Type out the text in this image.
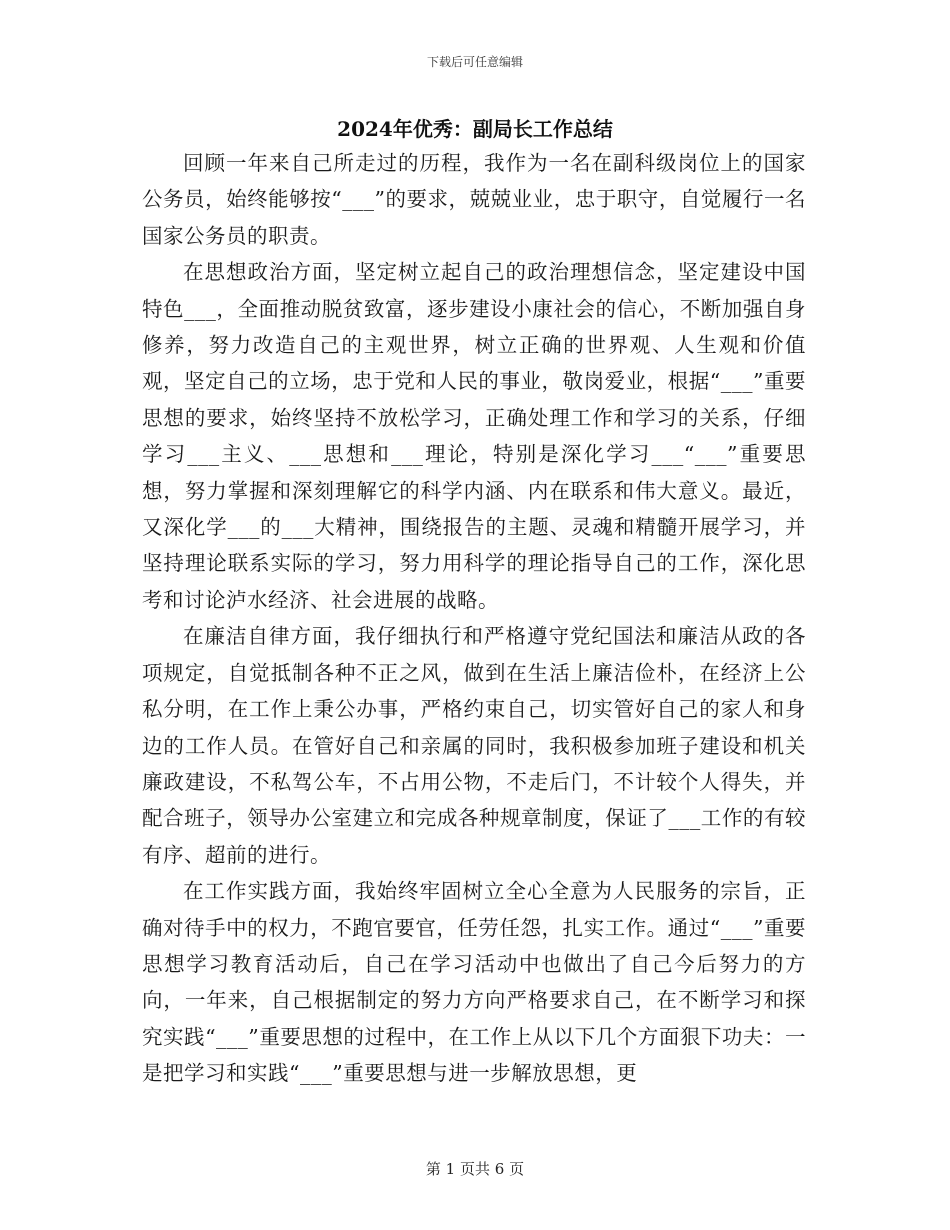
下载后可任意编辑
2024年优秀：副局长工作总结

回顾一年来自己所走过的历程，我作为一名在副科级岗位上的国家公务员，始终能够按“___”的要求，兢兢业业，忠于职守，自觉履行一名国家公务员的职责。

在思想政治方面，坚定树立起自己的政治理想信念，坚定建设中国特色___，全面推动脱贫致富，逐步建设小康社会的信心，不断加强自身修养，努力改造自己的主观世界，树立正确的世界观、人生观和价值观，坚定自己的立场，忠于党和人民的事业，敬岗爱业，根据“___”重要思想的要求，始终坚持不放松学习，正确处理工作和学习的关系，仔细学习___主义、___思想和___理论，特别是深化学习___“___”重要思想，努力掌握和深刻理解它的科学内涵、内在联系和伟大意义。最近，又深化学___的___大精神，围绕报告的主题、灵魂和精髓开展学习，并坚持理论联系实际的学习，努力用科学的理论指导自己的工作，深化思考和讨论泸水经济、社会进展的战略。

在廉洁自律方面，我仔细执行和严格遵守党纪国法和廉洁从政的各项规定，自觉抵制各种不正之风，做到在生活上廉洁俭朴，在经济上公私分明，在工作上秉公办事，严格约束自己，切实管好自己的家人和身边的工作人员。在管好自己和亲属的同时，我积极参加班子建设和机关廉政建设，不私驾公车，不占用公物，不走后门，不计较个人得失，并配合班子，领导办公室建立和完成各种规章制度，保证了___工作的有较有序、超前的进行。

在工作实践方面，我始终牢固树立全心全意为人民服务的宗旨，正确对待手中的权力，不跑官要官，任劳任怨，扎实工作。通过“___”重要思想学习教育活动后，自己在学习活动中也做出了自己今后努力的方向，一年来，自己根据制定的努力方向严格要求自己，在不断学习和探究实践“___”重要思想的过程中，在工作上从以下几个方面狠下功夫：一是把学习和实践“___”重要思想与进一步解放思想，更

第 1 页共 6 页
